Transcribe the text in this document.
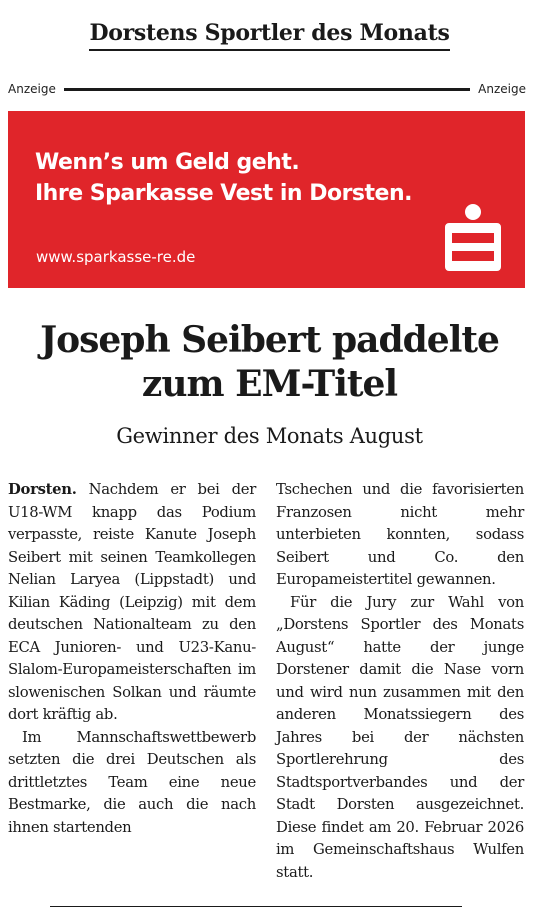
Dorstens Sportler des Monats
Anzeige	Anzeige
Wenn’s um Geld geht.
Ihre Sparkasse Vest in Dorsten.
www.sparkasse-re.de
Joseph Seibert paddelte
zum EM-Titel
Gewinner des Monats August

Dorsten. Nachdem er bei der U18-WM knapp das Podium verpasste, reiste Kanute Joseph Seibert mit seinen Teamkollegen Nelian Laryea (Lippstadt) und Kilian Käding (Leipzig) mit dem deutschen Nationalteam zu den ECA Junioren- und U23-Kanu-Slalom-Europameisterschaften im slowenischen Solkan und räumte dort kräftig ab.

Im Mannschaftswettbewerb setzten die drei Deutschen als drittletztes Team eine neue Bestmarke, die auch die nach ihnen startenden

Tschechen und die favorisierten Franzosen nicht mehr unterbieten konnten, sodass Seibert und Co. den Europameistertitel gewannen.

Für die Jury zur Wahl von „Dorstens Sportler des Monats August“ hatte der junge Dorstener damit die Nase vorn und wird nun zusammen mit den anderen Monatssiegern des Jahres bei der nächsten Sportlerehrung des Stadtsportverbandes und der Stadt Dorsten ausgezeichnet. Diese findet am 20. Februar 2026 im Gemeinschaftshaus Wulfen statt.
